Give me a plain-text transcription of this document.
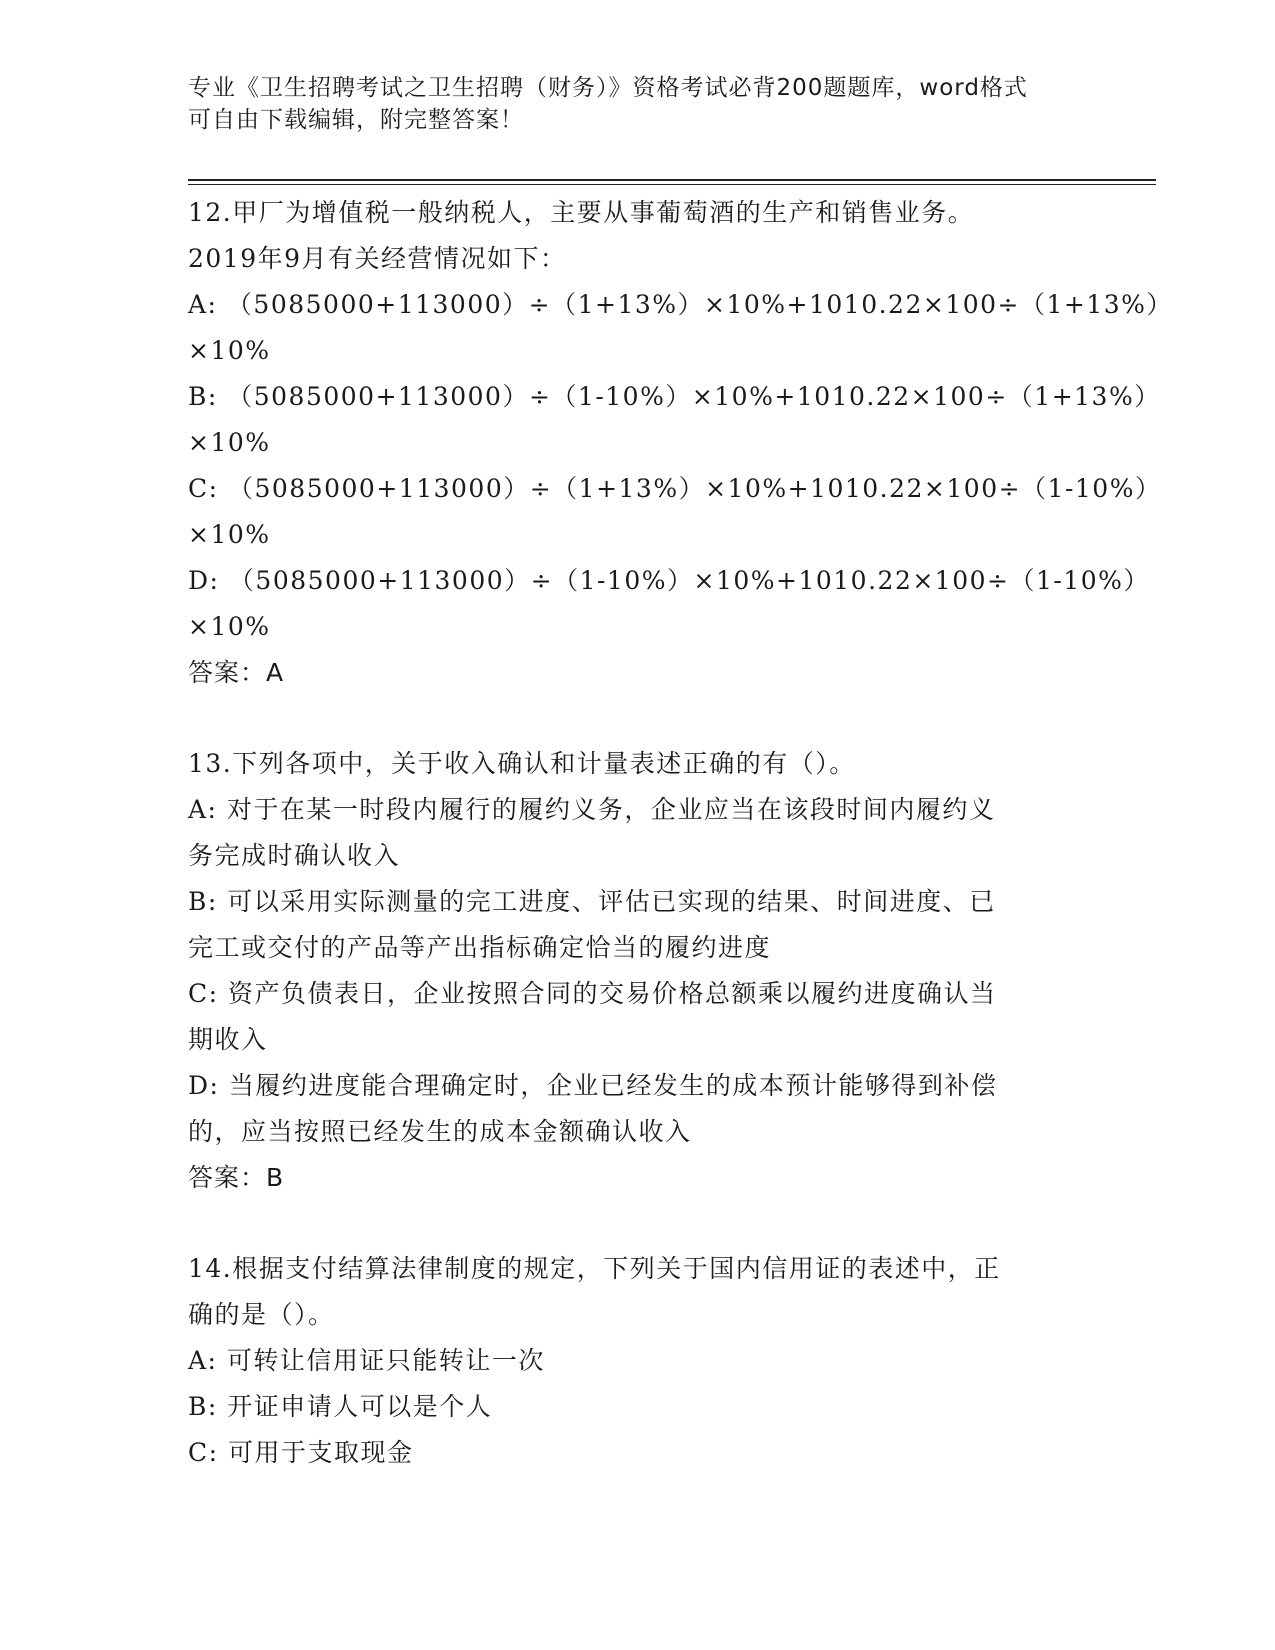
专业《卫生招聘考试之卫生招聘（财务）》资格考试必背200题题库，word格式
可自由下载编辑，附完整答案！
12.甲厂为增值税一般纳税人，主要从事葡萄酒的生产和销售业务。
2019年9月有关经营情况如下：
A: （5085000+113000）÷（1+13%）×10%+1010.22×100÷（1+13%）
×10%
B: （5085000+113000）÷（1-10%）×10%+1010.22×100÷（1+13%）
×10%
C: （5085000+113000）÷（1+13%）×10%+1010.22×100÷（1-10%）
×10%
D: （5085000+113000）÷（1-10%）×10%+1010.22×100÷（1-10%）
×10%
答案：A
13.下列各项中，关于收入确认和计量表述正确的有（）。
A: 对于在某一时段内履行的履约义务，企业应当在该段时间内履约义
务完成时确认收入
B: 可以采用实际测量的完工进度、评估已实现的结果、时间进度、已
完工或交付的产品等产出指标确定恰当的履约进度
C: 资产负债表日，企业按照合同的交易价格总额乘以履约进度确认当
期收入
D: 当履约进度能合理确定时，企业已经发生的成本预计能够得到补偿
的，应当按照已经发生的成本金额确认收入
答案：B
14.根据支付结算法律制度的规定，下列关于国内信用证的表述中，正
确的是（）。
A: 可转让信用证只能转让一次
B: 开证申请人可以是个人
C: 可用于支取现金
